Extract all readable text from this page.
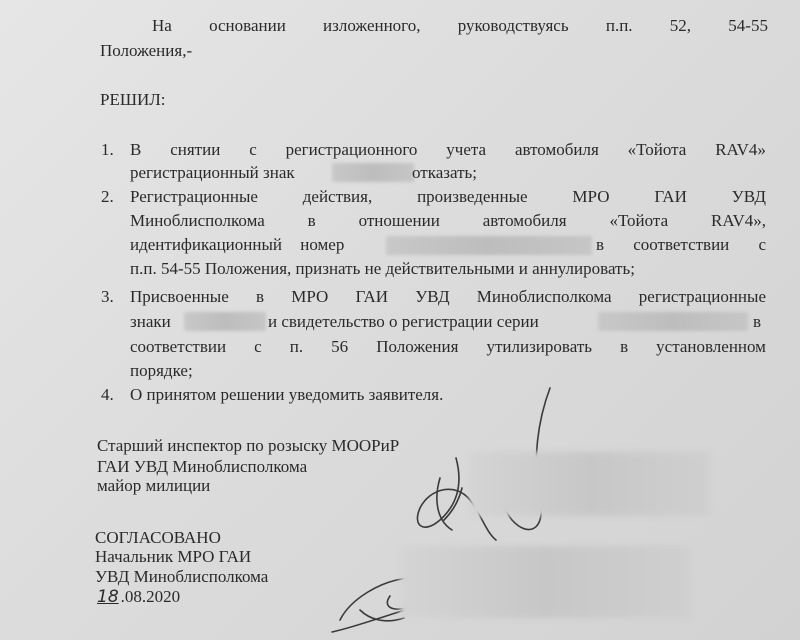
На основании изложенного, руководствуясь п.п. 52, 54-55
Положения,-
РЕШИЛ:
1. В снятии с регистрационного учета автомобиля «Тойота RAV4»
регистрационный знак	отказать;
2. Регистрационные	действия,	произведенные	МРО	ГАИ	УВД
Миноблисполкома	в	отношении	автомобиля	«Тойота	RAV4»,
идентификационный номер	в соответствии с
п.п. 54-55 Положения, признать не действительными и аннулировать;
3. Присвоенные в МРО ГАИ УВД Миноблисполкома регистрационные
знаки	и свидетельство о регистрации серии	в
соответствии с п. 56 Положения утилизировать в установленном
порядке;
4. О принятом решении уведомить заявителя.
Старший инспектор по розыску МООРиР
ГАИ УВД Миноблисполкома
майор милиции
СОГЛАСОВАНО
Начальник МРО ГАИ
УВД Миноблисполкома
18 .08.2020
